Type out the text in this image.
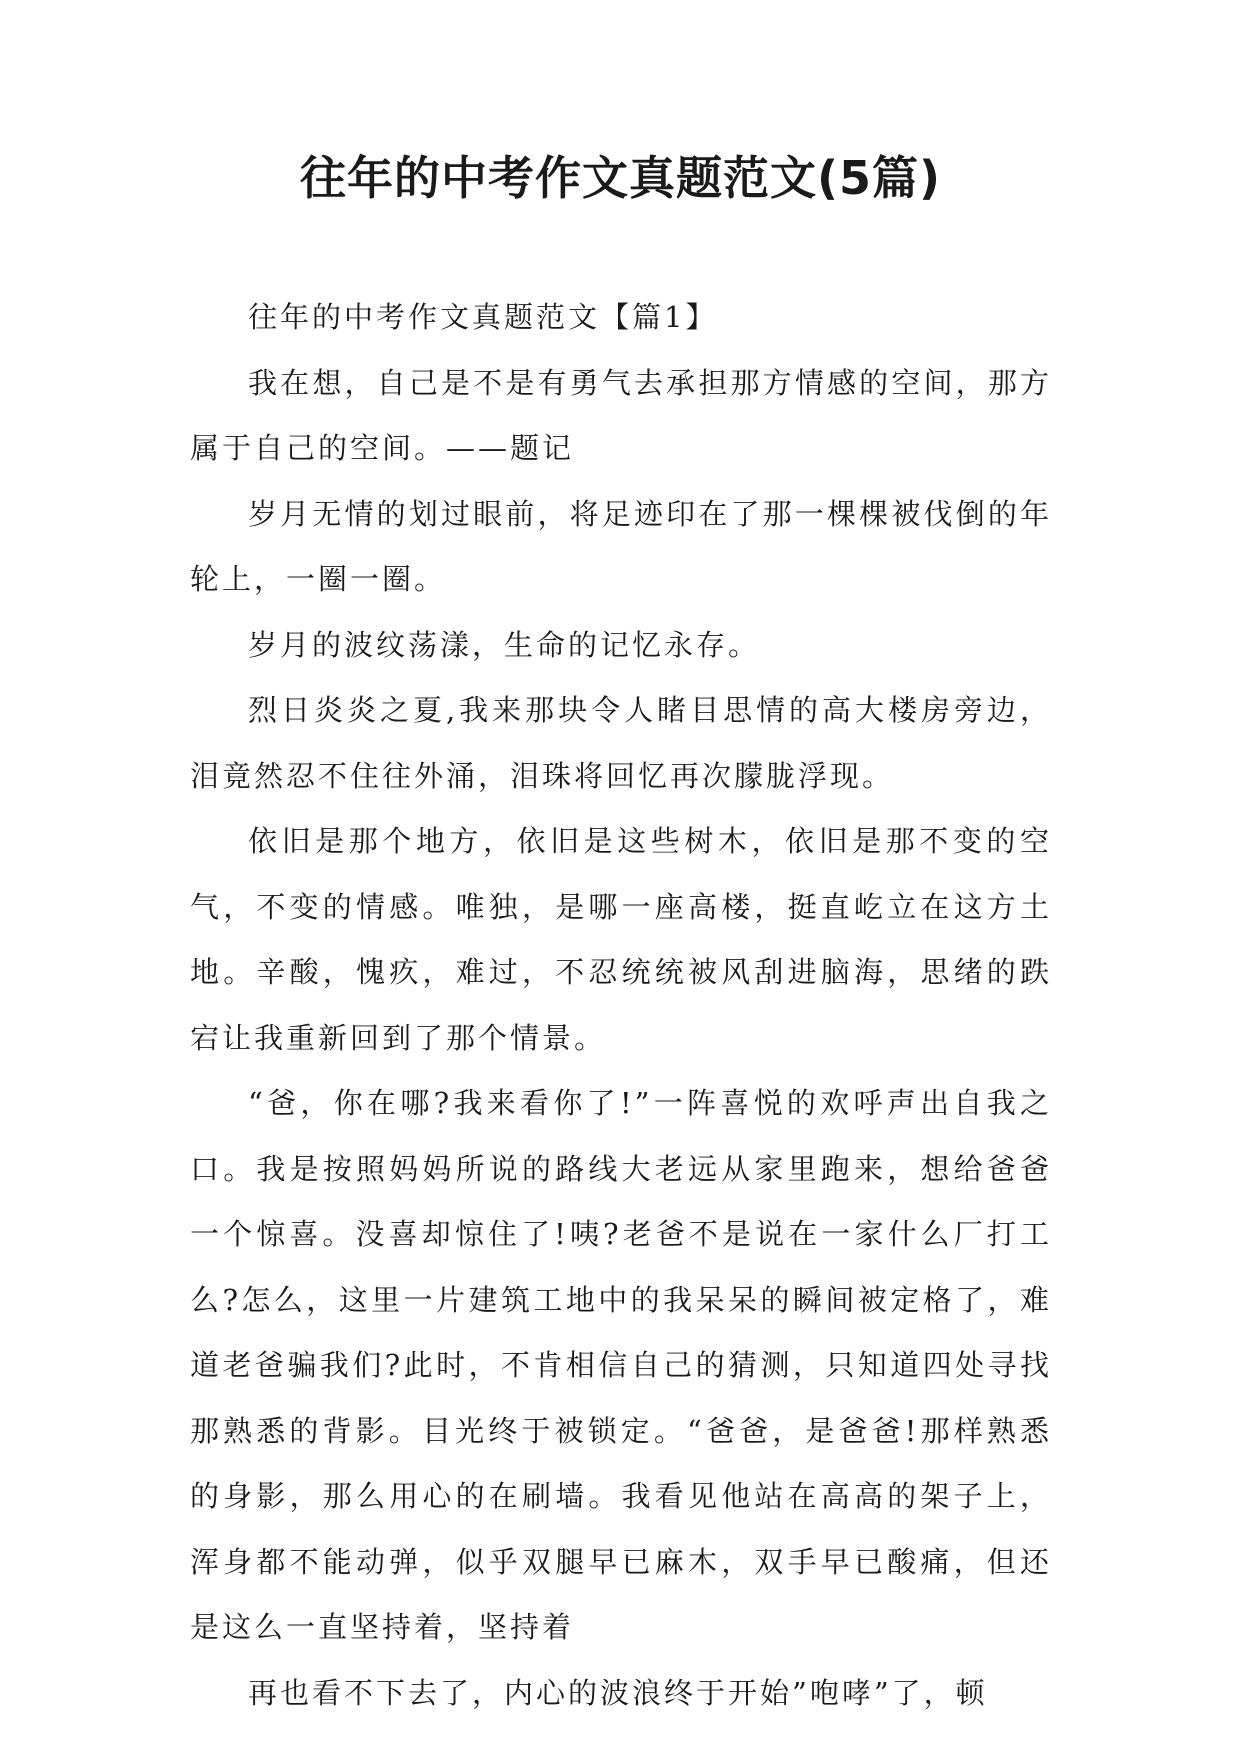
往年的中考作文真题范文(5篇)

往年的中考作文真题范文【篇1】

我在想，自己是不是有勇气去承担那方情感的空间，那方属于自己的空间。——题记

岁月无情的划过眼前，将足迹印在了那一棵棵被伐倒的年轮上，一圈一圈。

岁月的波纹荡漾，生命的记忆永存。

烈日炎炎之夏,我来那块令人睹目思情的高大楼房旁边，泪竟然忍不住往外涌，泪珠将回忆再次朦胧浮现。

依旧是那个地方，依旧是这些树木，依旧是那不变的空气，不变的情感。唯独，是哪一座高楼，挺直屹立在这方土地。辛酸，愧疚，难过，不忍统统被风刮进脑海，思绪的跌宕让我重新回到了那个情景。

“爸，你在哪?我来看你了!”一阵喜悦的欢呼声出自我之口。我是按照妈妈所说的路线大老远从家里跑来，想给爸爸一个惊喜。没喜却惊住了!咦?老爸不是说在一家什么厂打工么?怎么，这里一片建筑工地中的我呆呆的瞬间被定格了，难道老爸骗我们?此时，不肯相信自己的猜测，只知道四处寻找那熟悉的背影。目光终于被锁定。“爸爸，是爸爸!那样熟悉的身影，那么用心的在刷墙。我看见他站在高高的架子上，浑身都不能动弹，似乎双腿早已麻木，双手早已酸痛，但还是这么一直坚持着，坚持着

再也看不下去了，内心的波浪终于开始”咆哮”了，顿
